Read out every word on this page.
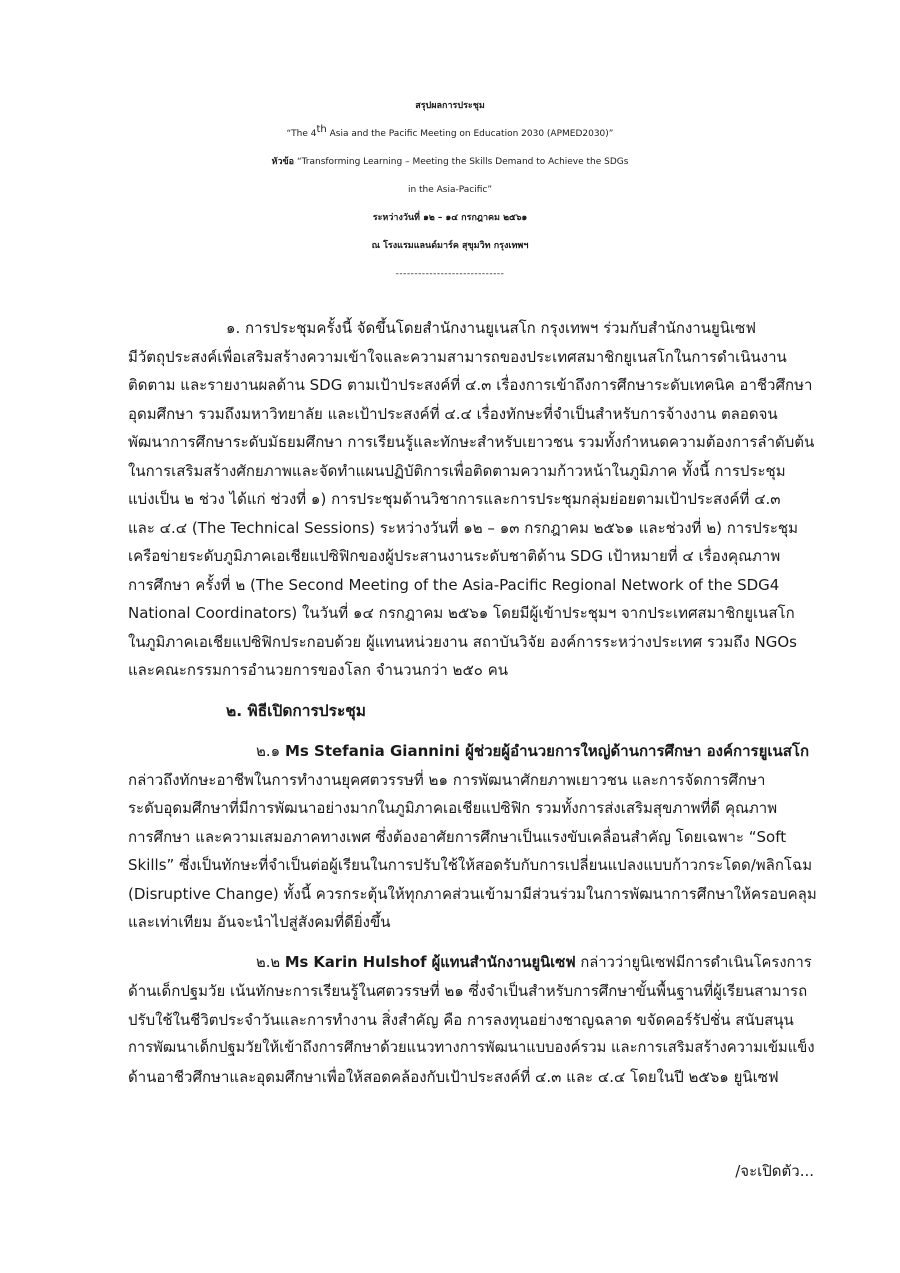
สรุปผลการประชุม
“The 4th Asia and the Pacific Meeting on Education 2030 (APMED2030)”
หัวข้อ “Transforming Learning – Meeting the Skills Demand to Achieve the SDGs
in the Asia-Pacific”
ระหว่างวันที่ ๑๒ – ๑๔ กรกฎาคม ๒๕๖๑
ณ โรงแรมแลนด์มาร์ค สุขุมวิท กรุงเทพฯ
-----------------------------
๑. การประชุมครั้งนี้ จัดขึ้นโดยสำนักงานยูเนสโก กรุงเทพฯ ร่วมกับสำนักงานยูนิเซฟ
มีวัตถุประสงค์เพื่อเสริมสร้างความเข้าใจและความสามารถของประเทศสมาชิกยูเนสโกในการดำเนินงาน
ติดตาม และรายงานผลด้าน SDG ตามเป้าประสงค์ที่ ๔.๓ เรื่องการเข้าถึงการศึกษาระดับเทคนิค อาชีวศึกษา
อุดมศึกษา รวมถึงมหาวิทยาลัย และเป้าประสงค์ที่ ๔.๔ เรื่องทักษะที่จำเป็นสำหรับการจ้างงาน ตลอดจน
พัฒนาการศึกษาระดับมัธยมศึกษา การเรียนรู้และทักษะสำหรับเยาวชน รวมทั้งกำหนดความต้องการลำดับต้น
ในการเสริมสร้างศักยภาพและจัดทำแผนปฏิบัติการเพื่อติดตามความก้าวหน้าในภูมิภาค ทั้งนี้ การประชุม
แบ่งเป็น ๒ ช่วง ได้แก่ ช่วงที่ ๑) การประชุมด้านวิชาการและการประชุมกลุ่มย่อยตามเป้าประสงค์ที่ ๔.๓
และ ๔.๔ (The Technical Sessions) ระหว่างวันที่ ๑๒ – ๑๓ กรกฎาคม ๒๕๖๑ และช่วงที่ ๒) การประชุม
เครือข่ายระดับภูมิภาคเอเชียแปซิฟิกของผู้ประสานงานระดับชาติด้าน SDG เป้าหมายที่ ๔ เรื่องคุณภาพ
การศึกษา ครั้งที่ ๒ (The Second Meeting of the Asia-Pacific Regional Network of the SDG4
National Coordinators) ในวันที่ ๑๔ กรกฎาคม ๒๕๖๑ โดยมีผู้เข้าประชุมฯ จากประเทศสมาชิกยูเนสโก
ในภูมิภาคเอเชียแปซิฟิกประกอบด้วย ผู้แทนหน่วยงาน สถาบันวิจัย องค์การระหว่างประเทศ รวมถึง NGOs
และคณะกรรมการอำนวยการของโลก จำนวนกว่า ๒๕๐ คน
๒. พิธีเปิดการประชุม
๒.๑ Ms Stefania Giannini ผู้ช่วยผู้อำนวยการใหญ่ด้านการศึกษา องค์การยูเนสโก
กล่าวถึงทักษะอาชีพในการทำงานยุคศตวรรษที่ ๒๑ การพัฒนาศักยภาพเยาวชน และการจัดการศึกษา
ระดับอุดมศึกษาที่มีการพัฒนาอย่างมากในภูมิภาคเอเชียแปซิฟิก รวมทั้งการส่งเสริมสุขภาพที่ดี คุณภาพ
การศึกษา และความเสมอภาคทางเพศ ซึ่งต้องอาศัยการศึกษาเป็นแรงขับเคลื่อนสำคัญ โดยเฉพาะ “Soft
Skills” ซึ่งเป็นทักษะที่จำเป็นต่อผู้เรียนในการปรับใช้ให้สอดรับกับการเปลี่ยนแปลงแบบก้าวกระโดด/พลิกโฉม
(Disruptive Change) ทั้งนี้ ควรกระตุ้นให้ทุกภาคส่วนเข้ามามีส่วนร่วมในการพัฒนาการศึกษาให้ครอบคลุม
และเท่าเทียม อันจะนำไปสู่สังคมที่ดียิ่งขึ้น
๒.๒ Ms Karin Hulshof ผู้แทนสำนักงานยูนิเซฟ กล่าวว่ายูนิเซฟมีการดำเนินโครงการ
ด้านเด็กปฐมวัย เน้นทักษะการเรียนรู้ในศตวรรษที่ ๒๑ ซึ่งจำเป็นสำหรับการศึกษาขั้นพื้นฐานที่ผู้เรียนสามารถ
ปรับใช้ในชีวิตประจำวันและการทำงาน สิ่งสำคัญ คือ การลงทุนอย่างชาญฉลาด ขจัดคอร์รัปชั่น สนับสนุน
การพัฒนาเด็กปฐมวัยให้เข้าถึงการศึกษาด้วยแนวทางการพัฒนาแบบองค์รวม และการเสริมสร้างความเข้มแข็ง
ด้านอาชีวศึกษาและอุดมศึกษาเพื่อให้สอดคล้องกับเป้าประสงค์ที่ ๔.๓ และ ๔.๔ โดยในปี ๒๕๖๑ ยูนิเซฟ
/จะเปิดตัว...
